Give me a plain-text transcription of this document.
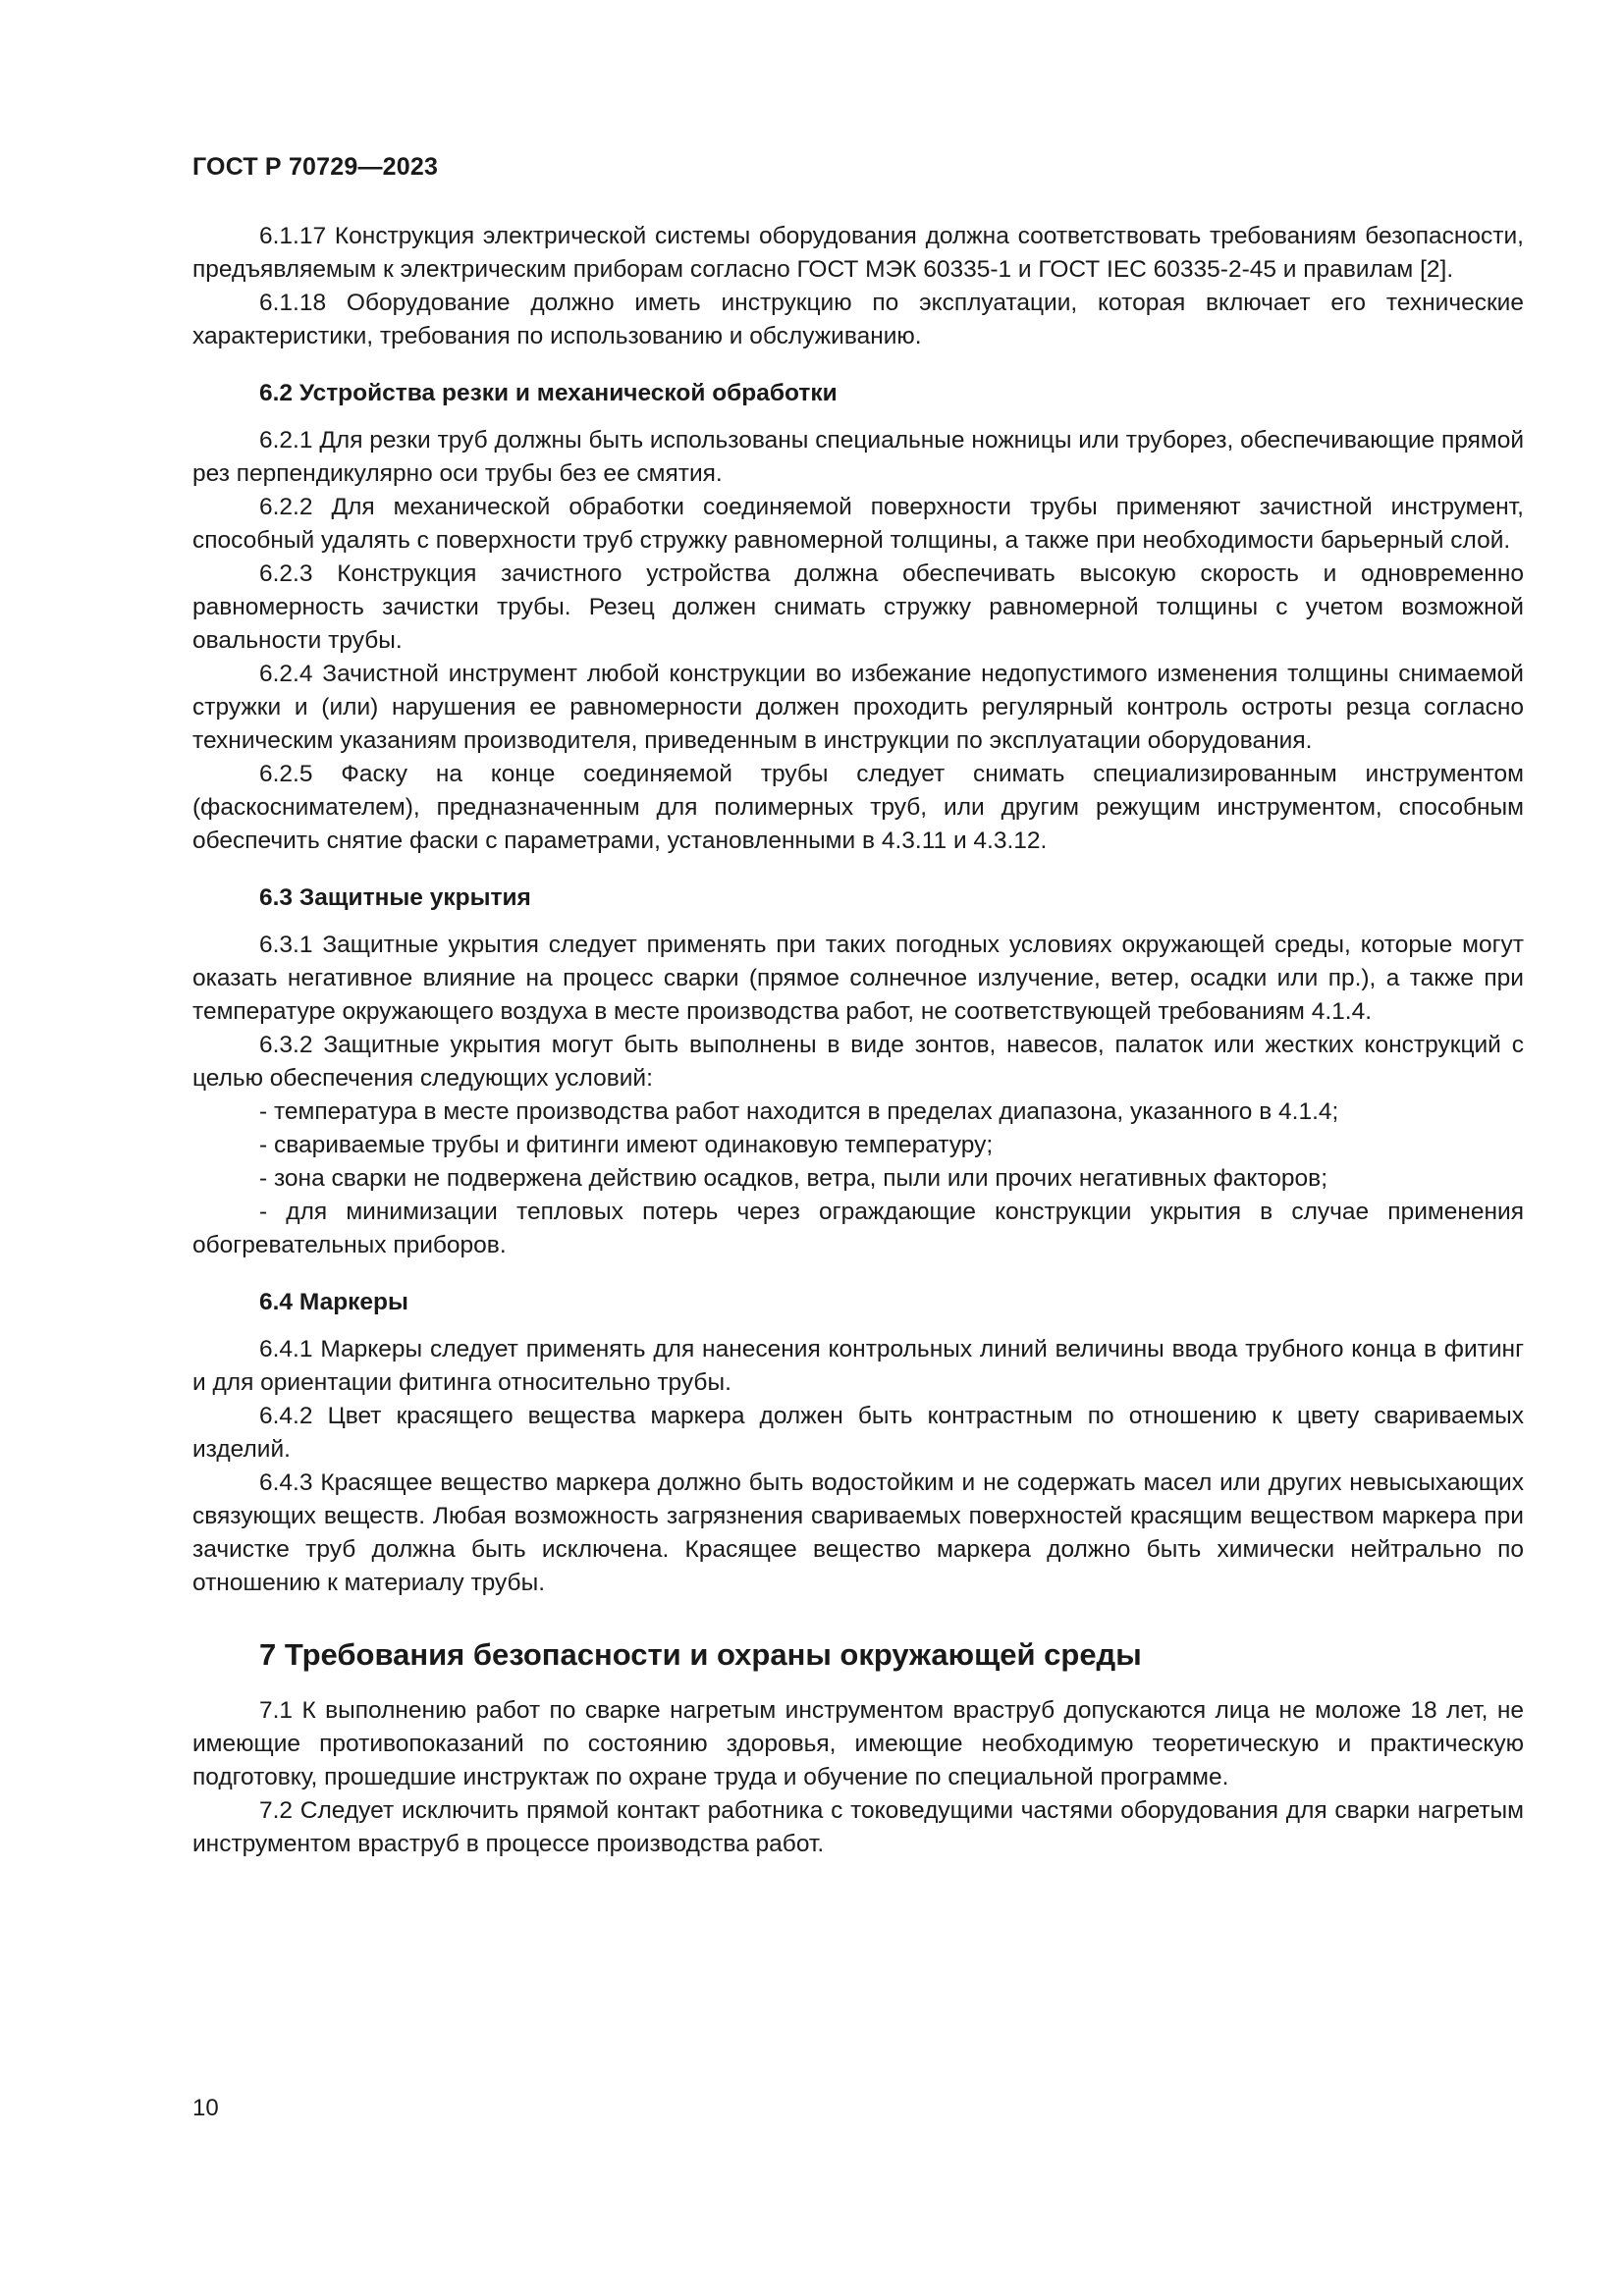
ГОСТ Р 70729—2023

6.1.17 Конструкция электрической системы оборудования должна соответствовать требованиям безопасности, предъявляемым к электрическим приборам согласно ГОСТ МЭК 60335-1 и ГОСТ IEC 60335-2-45 и правилам [2].

6.1.18 Оборудование должно иметь инструкцию по эксплуатации, которая включает его технические характеристики, требования по использованию и обслуживанию.

6.2 Устройства резки и механической обработки

6.2.1 Для резки труб должны быть использованы специальные ножницы или труборез, обеспечивающие прямой рез перпендикулярно оси трубы без ее смятия.

6.2.2 Для механической обработки соединяемой поверхности трубы применяют зачистной инструмент, способный удалять с поверхности труб стружку равномерной толщины, а также при необходимости барьерный слой.

6.2.3 Конструкция зачистного устройства должна обеспечивать высокую скорость и одновременно равномерность зачистки трубы. Резец должен снимать стружку равномерной толщины с учетом возможной овальности трубы.

6.2.4 Зачистной инструмент любой конструкции во избежание недопустимого изменения толщины снимаемой стружки и (или) нарушения ее равномерности должен проходить регулярный контроль остроты резца согласно техническим указаниям производителя, приведенным в инструкции по эксплуатации оборудования.

6.2.5 Фаску на конце соединяемой трубы следует снимать специализированным инструментом (фаскоснимателем), предназначенным для полимерных труб, или другим режущим инструментом, способным обеспечить снятие фаски с параметрами, установленными в 4.3.11 и 4.3.12.

6.3 Защитные укрытия

6.3.1 Защитные укрытия следует применять при таких погодных условиях окружающей среды, которые могут оказать негативное влияние на процесс сварки (прямое солнечное излучение, ветер, осадки или пр.), а также при температуре окружающего воздуха в месте производства работ, не соответствующей требованиям 4.1.4.

6.3.2 Защитные укрытия могут быть выполнены в виде зонтов, навесов, палаток или жестких конструкций с целью обеспечения следующих условий:

- температура в месте производства работ находится в пределах диапазона, указанного в 4.1.4;

- свариваемые трубы и фитинги имеют одинаковую температуру;

- зона сварки не подвержена действию осадков, ветра, пыли или прочих негативных факторов;

- для минимизации тепловых потерь через ограждающие конструкции укрытия в случае применения обогревательных приборов.

6.4 Маркеры

6.4.1 Маркеры следует применять для нанесения контрольных линий величины ввода трубного конца в фитинг и для ориентации фитинга относительно трубы.

6.4.2 Цвет красящего вещества маркера должен быть контрастным по отношению к цвету свариваемых изделий.

6.4.3 Красящее вещество маркера должно быть водостойким и не содержать масел или других невысыхающих связующих веществ. Любая возможность загрязнения свариваемых поверхностей красящим веществом маркера при зачистке труб должна быть исключена. Красящее вещество маркера должно быть химически нейтрально по отношению к материалу трубы.

7 Требования безопасности и охраны окружающей среды

7.1 К выполнению работ по сварке нагретым инструментом враструб допускаются лица не моложе 18 лет, не имеющие противопоказаний по состоянию здоровья, имеющие необходимую теоретическую и практическую подготовку, прошедшие инструктаж по охране труда и обучение по специальной программе.

7.2 Следует исключить прямой контакт работника с токоведущими частями оборудования для сварки нагретым инструментом враструб в процессе производства работ.

10
